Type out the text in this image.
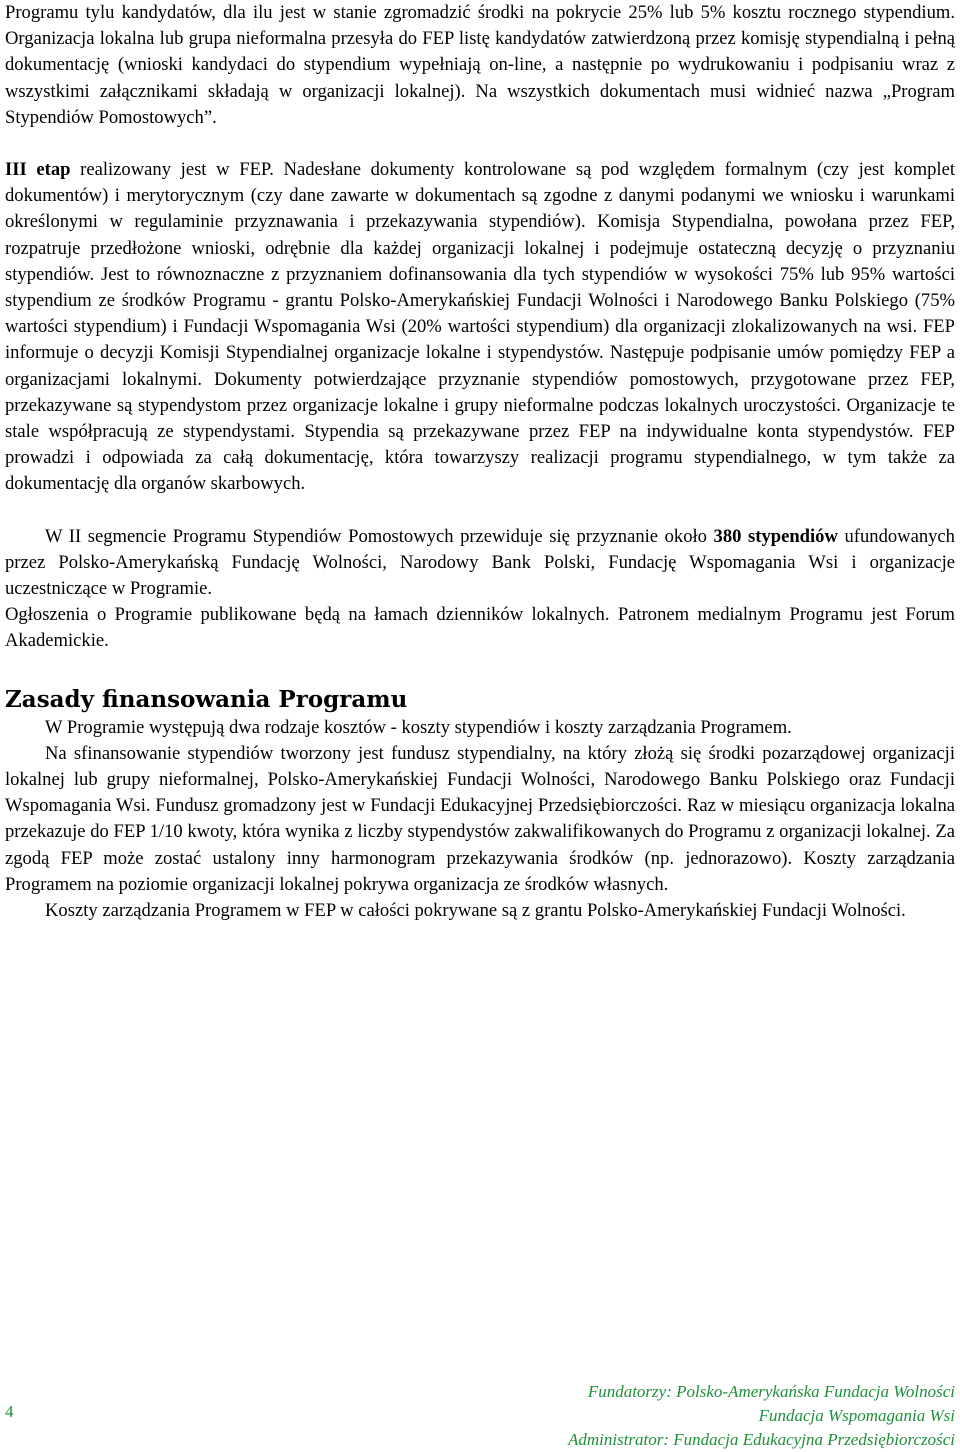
Programu tylu kandydatów, dla ilu jest w stanie zgromadzić środki na pokrycie 25% lub 5% kosztu rocznego stypendium. Organizacja lokalna lub grupa nieformalna przesyła do FEP listę kandydatów zatwierdzoną przez komisję stypendialną i pełną dokumentację (wnioski kandydaci do stypendium wypełniają on-line, a następnie po wydrukowaniu i podpisaniu wraz z wszystkimi załącznikami składają w organizacji lokalnej). Na wszystkich dokumentach musi widnieć nazwa „Program Stypendiów Pomostowych”.

III etap realizowany jest w FEP. Nadesłane dokumenty kontrolowane są pod względem formalnym (czy jest komplet dokumentów) i merytorycznym (czy dane zawarte w dokumentach są zgodne z danymi podanymi we wniosku i warunkami określonymi w regulaminie przyznawania i przekazywania stypendiów). Komisja Stypendialna, powołana przez FEP, rozpatruje przedłożone wnioski, odrębnie dla każdej organizacji lokalnej i podejmuje ostateczną decyzję o przyznaniu stypendiów. Jest to równoznaczne z przyznaniem dofinansowania dla tych stypendiów w wysokości 75% lub 95% wartości stypendium ze środków Programu - grantu Polsko-Amerykańskiej Fundacji Wolności i Narodowego Banku Polskiego (75% wartości stypendium) i Fundacji Wspomagania Wsi (20% wartości stypendium) dla organizacji zlokalizowanych na wsi. FEP informuje o decyzji Komisji Stypendialnej organizacje lokalne i stypendystów. Następuje podpisanie umów pomiędzy FEP a organizacjami lokalnymi. Dokumenty potwierdzające przyznanie stypendiów pomostowych, przygotowane przez FEP, przekazywane są stypendystom przez organizacje lokalne i grupy nieformalne podczas lokalnych uroczystości. Organizacje te stale współpracują ze stypendystami. Stypendia są przekazywane przez FEP na indywidualne konta stypendystów. FEP prowadzi i odpowiada za całą dokumentację, która towarzyszy realizacji programu stypendialnego, w tym także za dokumentację dla organów skarbowych.

W II segmencie Programu Stypendiów Pomostowych przewiduje się przyznanie około 380 stypendiów ufundowanych przez Polsko-Amerykańską Fundację Wolności, Narodowy Bank Polski, Fundację Wspomagania Wsi i organizacje uczestniczące w Programie.

Ogłoszenia o Programie publikowane będą na łamach dzienników lokalnych. Patronem medialnym Programu jest Forum Akademickie.

Zasady finansowania Programu

W Programie występują dwa rodzaje kosztów - koszty stypendiów i koszty zarządzania Programem.

Na sfinansowanie stypendiów tworzony jest fundusz stypendialny, na który złożą się środki pozarządowej organizacji lokalnej lub grupy nieformalnej, Polsko-Amerykańskiej Fundacji Wolności, Narodowego Banku Polskiego oraz Fundacji Wspomagania Wsi. Fundusz gromadzony jest w Fundacji Edukacyjnej Przedsiębiorczości. Raz w miesiącu organizacja lokalna przekazuje do FEP 1/10 kwoty, która wynika z liczby stypendystów zakwalifikowanych do Programu z organizacji lokalnej. Za zgodą FEP może zostać ustalony inny harmonogram przekazywania środków (np. jednorazowo). Koszty zarządzania Programem na poziomie organizacji lokalnej pokrywa organizacja ze środków własnych.

Koszty zarządzania Programem w FEP w całości pokrywane są z grantu Polsko-Amerykańskiej Fundacji Wolności.

4
Fundatorzy: Polsko-Amerykańska Fundacja Wolności
Fundacja Wspomagania Wsi
Administrator: Fundacja Edukacyjna Przedsiębiorczości
